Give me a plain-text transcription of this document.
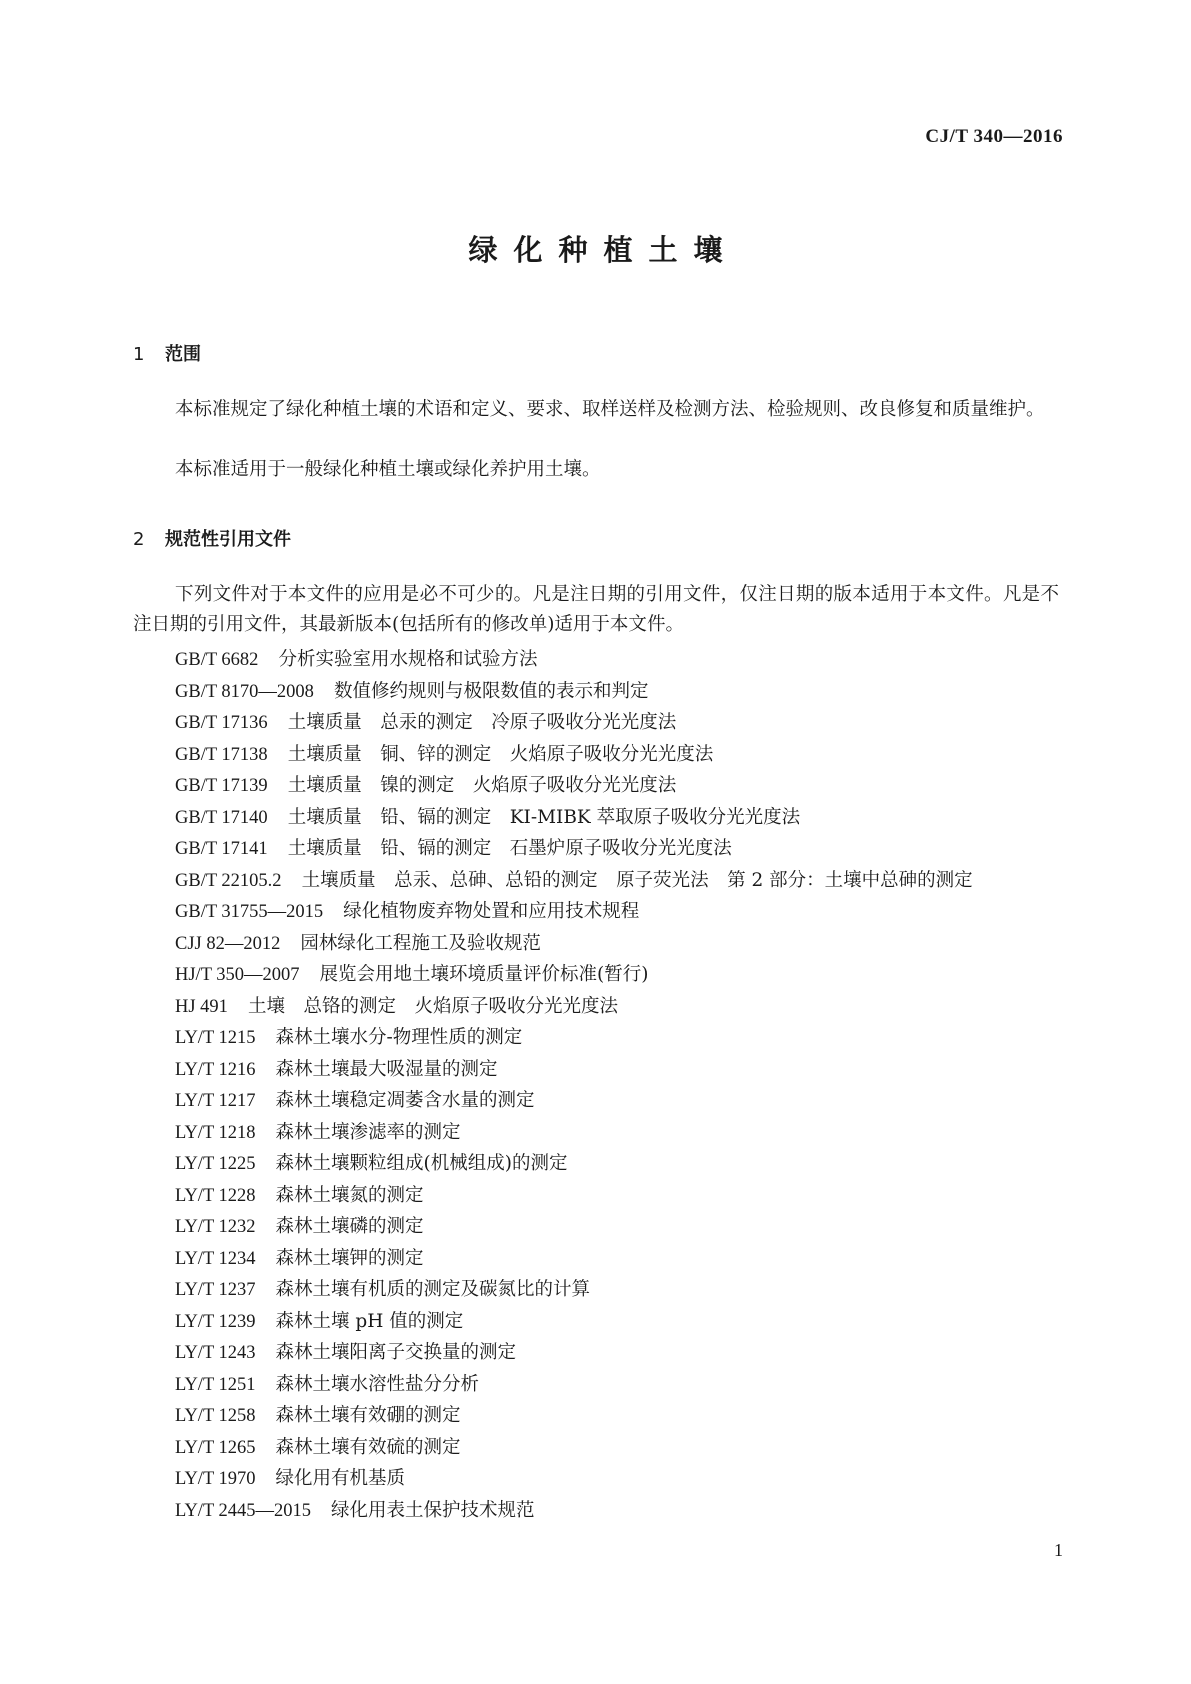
CJ/T 340—2016
绿化种植土壤
1 范围
本标准规定了绿化种植土壤的术语和定义、要求、取样送样及检测方法、检验规则、改良修复和质量维护。
本标准适用于一般绿化种植土壤或绿化养护用土壤。
2 规范性引用文件
下列文件对于本文件的应用是必不可少的。凡是注日期的引用文件，仅注日期的版本适用于本文件。凡是不注日期的引用文件，其最新版本(包括所有的修改单)适用于本文件。
GB/T 6682 分析实验室用水规格和试验方法
GB/T 8170—2008 数值修约规则与极限数值的表示和判定
GB/T 17136 土壤质量　总汞的测定　冷原子吸收分光光度法
GB/T 17138 土壤质量　铜、锌的测定　火焰原子吸收分光光度法
GB/T 17139 土壤质量　镍的测定　火焰原子吸收分光光度法
GB/T 17140 土壤质量　铅、镉的测定　KI-MIBK 萃取原子吸收分光光度法
GB/T 17141 土壤质量　铅、镉的测定　石墨炉原子吸收分光光度法
GB/T 22105.2 土壤质量　总汞、总砷、总铅的测定　原子荧光法　第 2 部分：土壤中总砷的测定
GB/T 31755—2015 绿化植物废弃物处置和应用技术规程
CJJ 82—2012 园林绿化工程施工及验收规范
HJ/T 350—2007 展览会用地土壤环境质量评价标准(暂行)
HJ 491 土壤　总铬的测定　火焰原子吸收分光光度法
LY/T 1215 森林土壤水分-物理性质的测定
LY/T 1216 森林土壤最大吸湿量的测定
LY/T 1217 森林土壤稳定凋萎含水量的测定
LY/T 1218 森林土壤渗滤率的测定
LY/T 1225 森林土壤颗粒组成(机械组成)的测定
LY/T 1228 森林土壤氮的测定
LY/T 1232 森林土壤磷的测定
LY/T 1234 森林土壤钾的测定
LY/T 1237 森林土壤有机质的测定及碳氮比的计算
LY/T 1239 森林土壤 pH 值的测定
LY/T 1243 森林土壤阳离子交换量的测定
LY/T 1251 森林土壤水溶性盐分分析
LY/T 1258 森林土壤有效硼的测定
LY/T 1265 森林土壤有效硫的测定
LY/T 1970 绿化用有机基质
LY/T 2445—2015 绿化用表土保护技术规范
1
